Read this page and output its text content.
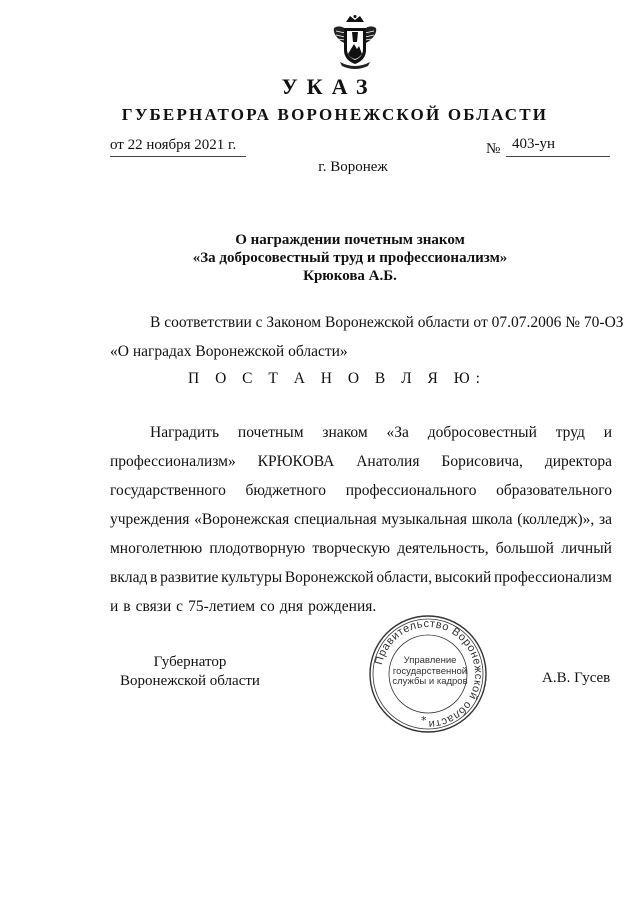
УКАЗ
ГУБЕРНАТОРА ВОРОНЕЖСКОЙ ОБЛАСТИ
от 22 ноября 2021 г.	№ 403-ун
г. Воронеж
О награждении почетным знаком
«За добросовестный труд и профессионализм»
Крюкова А.Б.
В соответствии с Законом Воронежской области от 07.07.2006 № 70-ОЗ
«О наградах Воронежской области»
П О С Т А Н О В Л Я Ю:
Наградить почетным знаком «За добросовестный труд и
профессионализм» КРЮКОВА Анатолия Борисовича, директора
государственного бюджетного профессионального образовательного
учреждения «Воронежская специальная музыкальная школа (колледж)», за
многолетнюю плодотворную творческую деятельность, большой личный
вклад в развитие культуры Воронежской области, высокий профессионализм
и в связи с 75-летием со дня рождения.
Губернатор
Воронежской области
Правительство Воронежской области
Управление
государственной
службы и кадров
*
А.В. Гусев
